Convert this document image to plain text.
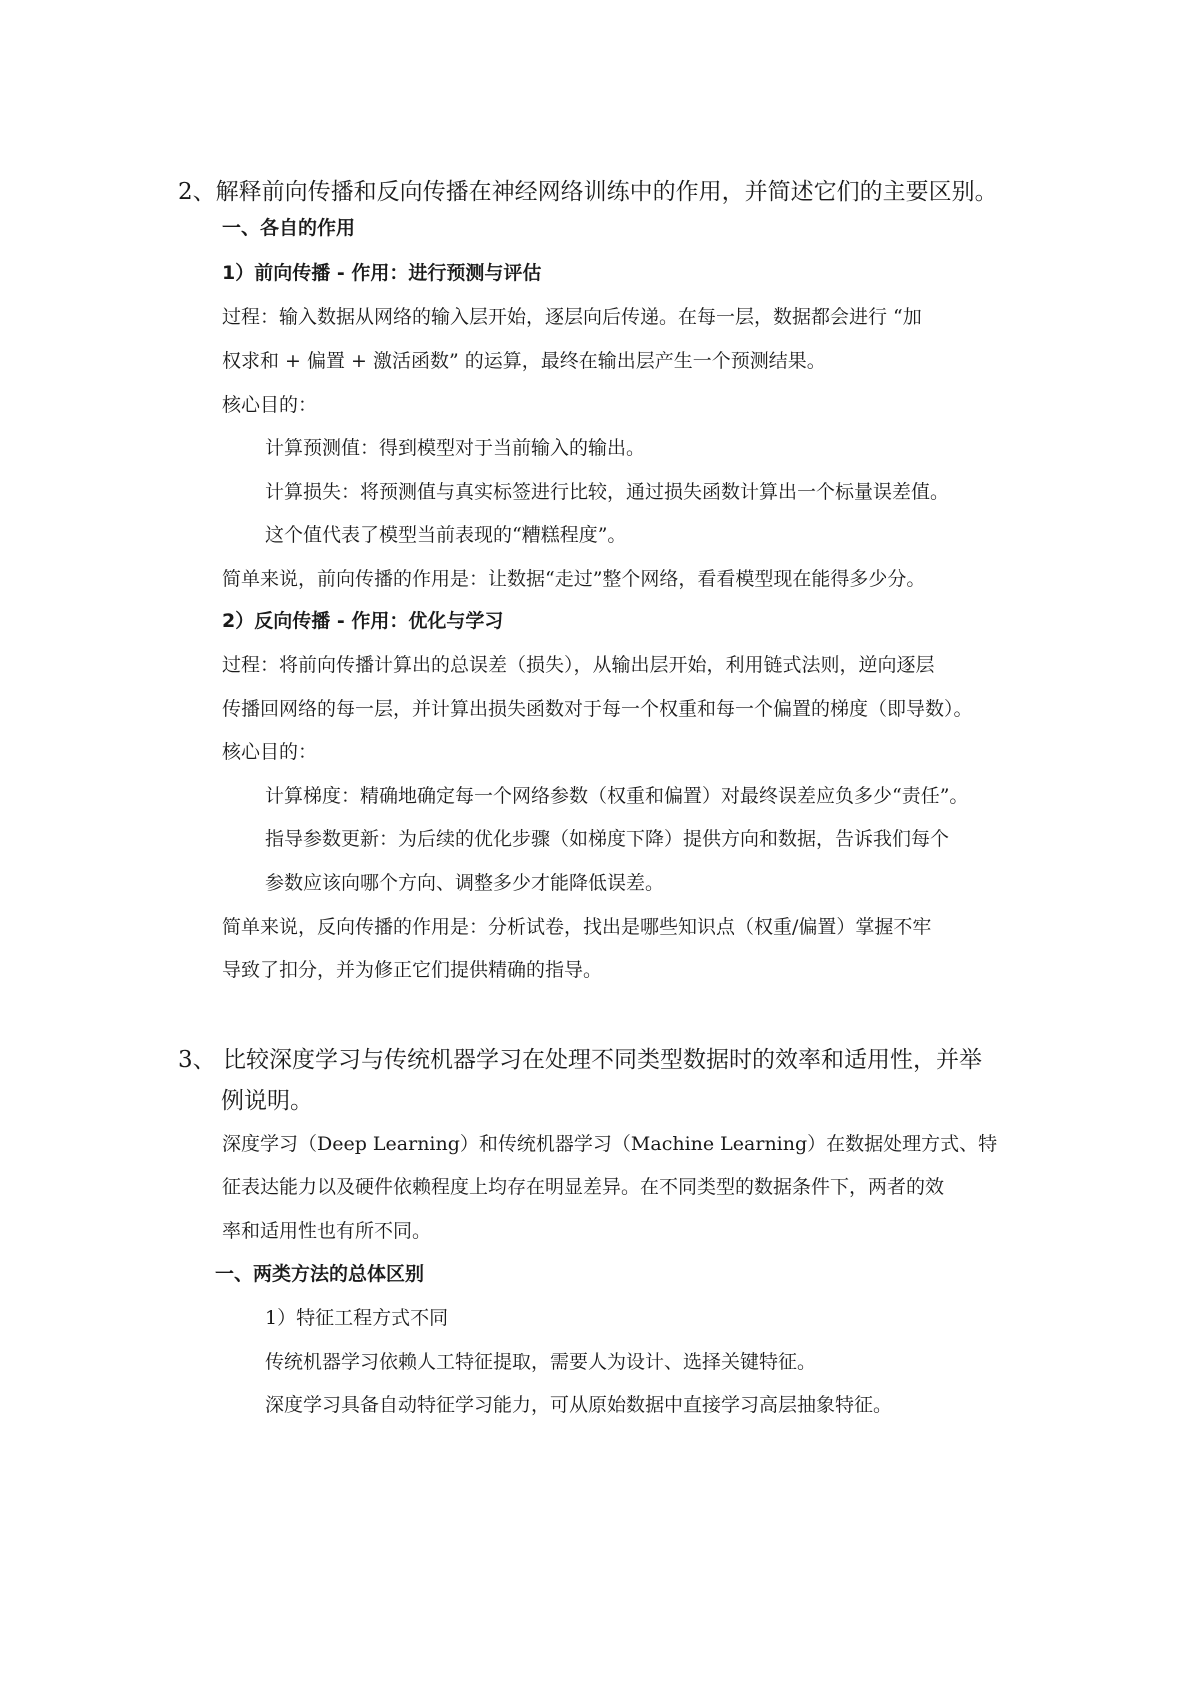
2、解释前向传播和反向传播在神经网络训练中的作用，并简述它们的主要区别。
一、各自的作用
1）前向传播 - 作用：进行预测与评估
过程：输入数据从网络的输入层开始，逐层向后传递。在每一层，数据都会进行 “加
权求和 + 偏置 + 激活函数” 的运算，最终在输出层产生一个预测结果。
核心目的：
计算预测值：得到模型对于当前输入的输出。
计算损失：将预测值与真实标签进行比较，通过损失函数计算出一个标量误差值。
这个值代表了模型当前表现的“糟糕程度”。
简单来说，前向传播的作用是：让数据“走过”整个网络，看看模型现在能得多少分。
2）反向传播 - 作用：优化与学习
过程：将前向传播计算出的总误差（损失），从输出层开始，利用链式法则，逆向逐层
传播回网络的每一层，并计算出损失函数对于每一个权重和每一个偏置的梯度（即导数）。
核心目的：
计算梯度：精确地确定每一个网络参数（权重和偏置）对最终误差应负多少“责任”。
指导参数更新：为后续的优化步骤（如梯度下降）提供方向和数据，告诉我们每个
参数应该向哪个方向、调整多少才能降低误差。
简单来说，反向传播的作用是：分析试卷，找出是哪些知识点（权重/偏置）掌握不牢
导致了扣分，并为修正它们提供精确的指导。
3、 比较深度学习与传统机器学习在处理不同类型数据时的效率和适用性，并举
例说明。
深度学习（Deep Learning）和传统机器学习（Machine Learning）在数据处理方式、特
征表达能力以及硬件依赖程度上均存在明显差异。在不同类型的数据条件下，两者的效
率和适用性也有所不同。
一、两类方法的总体区别
1）特征工程方式不同
传统机器学习依赖人工特征提取，需要人为设计、选择关键特征。
深度学习具备自动特征学习能力，可从原始数据中直接学习高层抽象特征。
